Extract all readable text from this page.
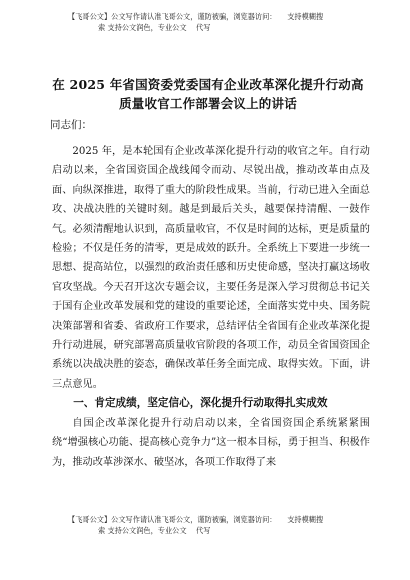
【飞哥公文】公文写作请认准飞哥公文，谨防被骗，浏览器访问：　　支持模糊搜
索 支持公文润色，专业公文 　代写
在 2025 年省国资委党委国有企业改革深化提升行动高质量收官工作部署会议上的讲话
同志们：

2025 年，是本轮国有企业改革深化提升行动的收官之年。自行动启动以来，全省国资国企战线闻令而动、尽锐出战，推动改革由点及面、向纵深推进，取得了重大的阶段性成果。当前，行动已进入全面总攻、决战决胜的关键时刻。越是到最后关头，越要保持清醒、一鼓作气。必须清醒地认识到，高质量收官，不仅是时间的达标，更是质量的检验；不仅是任务的清零，更是成效的跃升。全系统上下要进一步统一思想、提高站位，以强烈的政治责任感和历史使命感，坚决打赢这场收官攻坚战。今天召开这次专题会议，主要任务是深入学习贯彻总书记关于国有企业改革发展和党的建设的重要论述，全面落实党中央、国务院决策部署和省委、省政府工作要求，总结评估全省国有企业改革深化提升行动进展，研究部署高质量收官阶段的各项工作，动员全省国资国企系统以决战决胜的姿态，确保改革任务全面完成、取得实效。下面，讲三点意见。

一、肯定成绩，坚定信心，深化提升行动取得扎实成效

自国企改革深化提升行动启动以来，全省国资国企系统紧紧围绕“增强核心功能、提高核心竞争力”这一根本目标，勇于担当、积极作为，推动改革涉深水、破坚冰，各项工作取得了来

【飞哥公文】公文写作请认准飞哥公文，谨防被骗，浏览器访问：　　支持模糊搜
索 支持公文润色，专业公文 　代写
